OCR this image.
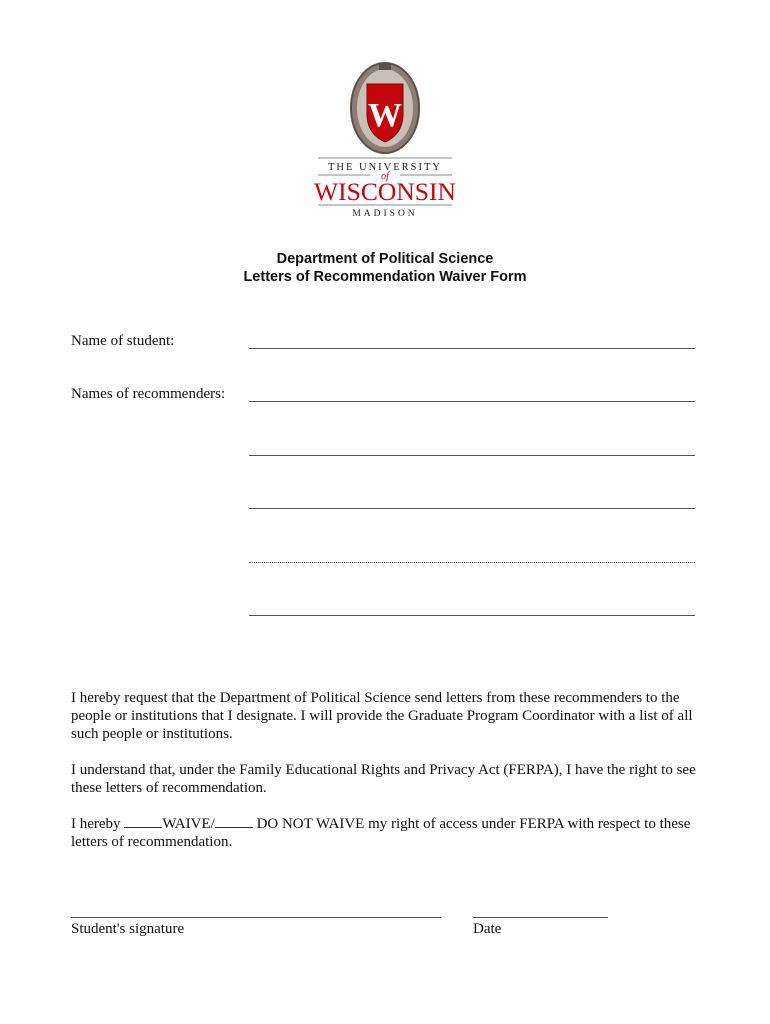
W
THE UNIVERSITY
of
WISCONSIN
MADISON
Department of Political Science
Letters of Recommendation Waiver Form
Name of student:
Names of recommenders:
I hereby request that the Department of Political Science send letters from these recommenders to the people or institutions that I designate. I will provide the Graduate Program Coordinator with a list of all such people or institutions.
I understand that, under the Family Educational Rights and Privacy Act (FERPA), I have the right to see these letters of recommendation.
I hereby	WAIVE/	DO NOT WAIVE my right of access under FERPA with respect to these letters of recommendation.
Student's signature	Date
